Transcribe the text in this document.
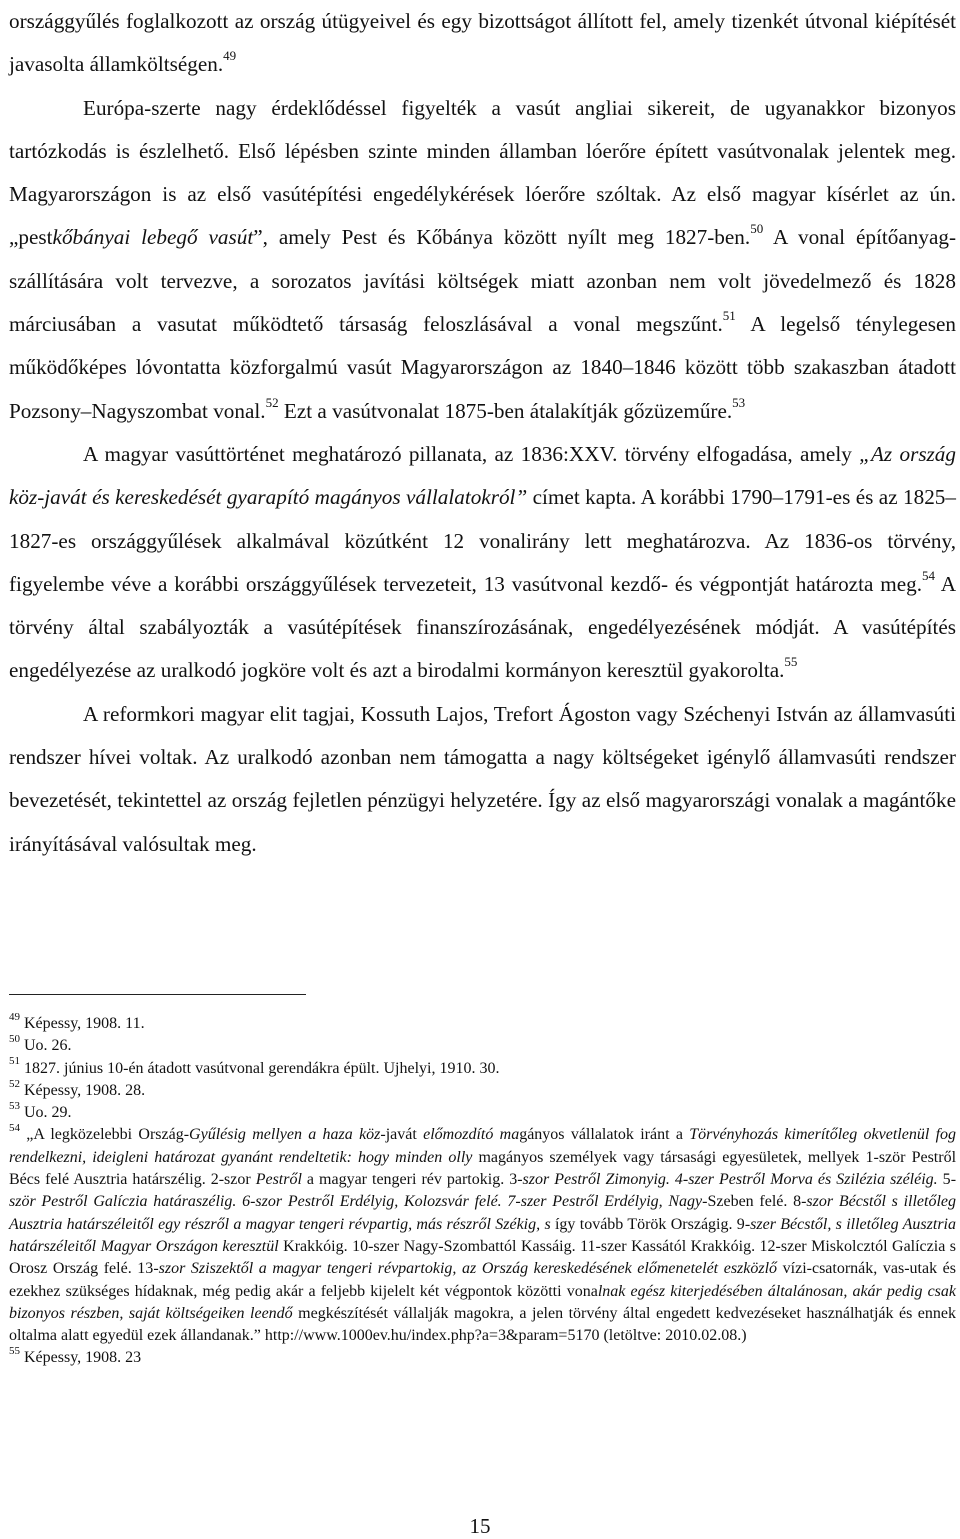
országgyűlés foglalkozott az ország útügyeivel és egy bizottságot állított fel, amely tizenkét útvonal kiépítését javasolta államköltségen.$^{49}$

Európa-szerte nagy érdeklődéssel figyelték a vasút angliai sikereit, de ugyanakkor bizonyos tartózkodás is észlelhető. Első lépésben szinte minden államban lóerőre épített vasútvonalak jelentek meg. Magyarországon is az első vasútépítési engedélykérések lóerőre szóltak. Az első magyar kísérlet az ún. „pestkőbányai lebegő vasút”, amely Pest és Kőbánya között nyílt meg 1827-ben.$^{50}$ A vonal építőanyag-szállítására volt tervezve, a sorozatos javítási költségek miatt azonban nem volt jövedelmező és 1828 márciusában a vasutat működtető társaság feloszlásával a vonal megszűnt.$^{51}$ A legelső ténylegesen működőképes lóvontatta közforgalmú vasút Magyarországon az 1840–1846 között több szakaszban átadott Pozsony–Nagyszombat vonal.$^{52}$ Ezt a vasútvonalat 1875-ben átalakítják gőzüzeműre.$^{53}$

A magyar vasúttörténet meghatározó pillanata, az 1836:XXV. törvény elfogadása, amely „Az ország köz-javát és kereskedését gyarapító magányos vállalatokról” címet kapta. A korábbi 1790–1791-es és az 1825–1827-es országgyűlések alkalmával közútként 12 vonalirány lett meghatározva. Az 1836-os törvény, figyelembe véve a korábbi országgyűlések tervezeteit, 13 vasútvonal kezdő- és végpontját határozta meg.$^{54}$ A törvény által szabályozták a vasútépítések finanszírozásának, engedélyezésének módját. A vasútépítés engedélyezése az uralkodó jogköre volt és azt a birodalmi kormányon keresztül gyakorolta.$^{55}$

A reformkori magyar elit tagjai, Kossuth Lajos, Trefort Ágoston vagy Széchenyi István az államvasúti rendszer hívei voltak. Az uralkodó azonban nem támogatta a nagy költségeket igénylő államvasúti rendszer bevezetését, tekintettel az ország fejletlen pénzügyi helyzetére. Így az első magyarországi vonalak a magántőke irányításával valósultak meg.

$^{49}$ Képessy, 1908. 11.

$^{50}$ Uo. 26.

$^{51}$ 1827. június 10-én átadott vasútvonal gerendákra épült. Ujhelyi, 1910. 30.

$^{52}$ Képessy, 1908. 28.

$^{53}$ Uo. 29.

$^{54}$ „A legközelebbi Ország-Gyűlésig mellyen a haza köz-javát előmozdító magányos vállalatok iránt a Törvényhozás kimerítőleg okvetlenül fog rendelkezni, ideigleni határozat gyanánt rendeltetik: hogy minden olly magányos személyek vagy társasági egyesületek, mellyek 1-ször Pestről Bécs felé Ausztria határszélig. 2-szor Pestről a magyar tengeri rév partokig. 3-szor Pestről Zimonyig. 4-szer Pestről Morva és Szilézia széléig. 5-ször Pestről Galíczia határaszélig. 6-szor Pestről Erdélyig, Kolozsvár felé. 7-szer Pestről Erdélyig, Nagy-Szeben felé. 8-szor Bécstől s illetőleg Ausztria határszéleitől egy részről a magyar tengeri révpartig, más részről Székig, s így tovább Török Országig. 9-szer Bécstől, s illetőleg Ausztria határszéleitől Magyar Országon keresztül Krakkóig. 10-szer Nagy-Szombattól Kassáig. 11-szer Kassától Krakkóig. 12-szer Miskolcztól Galíczia s Orosz Ország felé. 13-szor Sziszektől a magyar tengeri révpartokig, az Ország kereskedésének előmenetelét eszközlő vízi-csatornák, vas-utak és ezekhez szükséges hídaknak, még pedig akár a feljebb kijelelt két végpontok közötti vonalnak egész kiterjedésében általánosan, akár pedig csak bizonyos részben, saját költségeiken leendő megkészítését vállalják magokra, a jelen törvény által engedett kedvezéseket használhatják és ennek oltalma alatt egyedül ezek állandanak.” http://www.1000ev.hu/index.php?a=3&param=5170 (letöltve: 2010.02.08.)

$^{55}$ Képessy, 1908. 23

15
